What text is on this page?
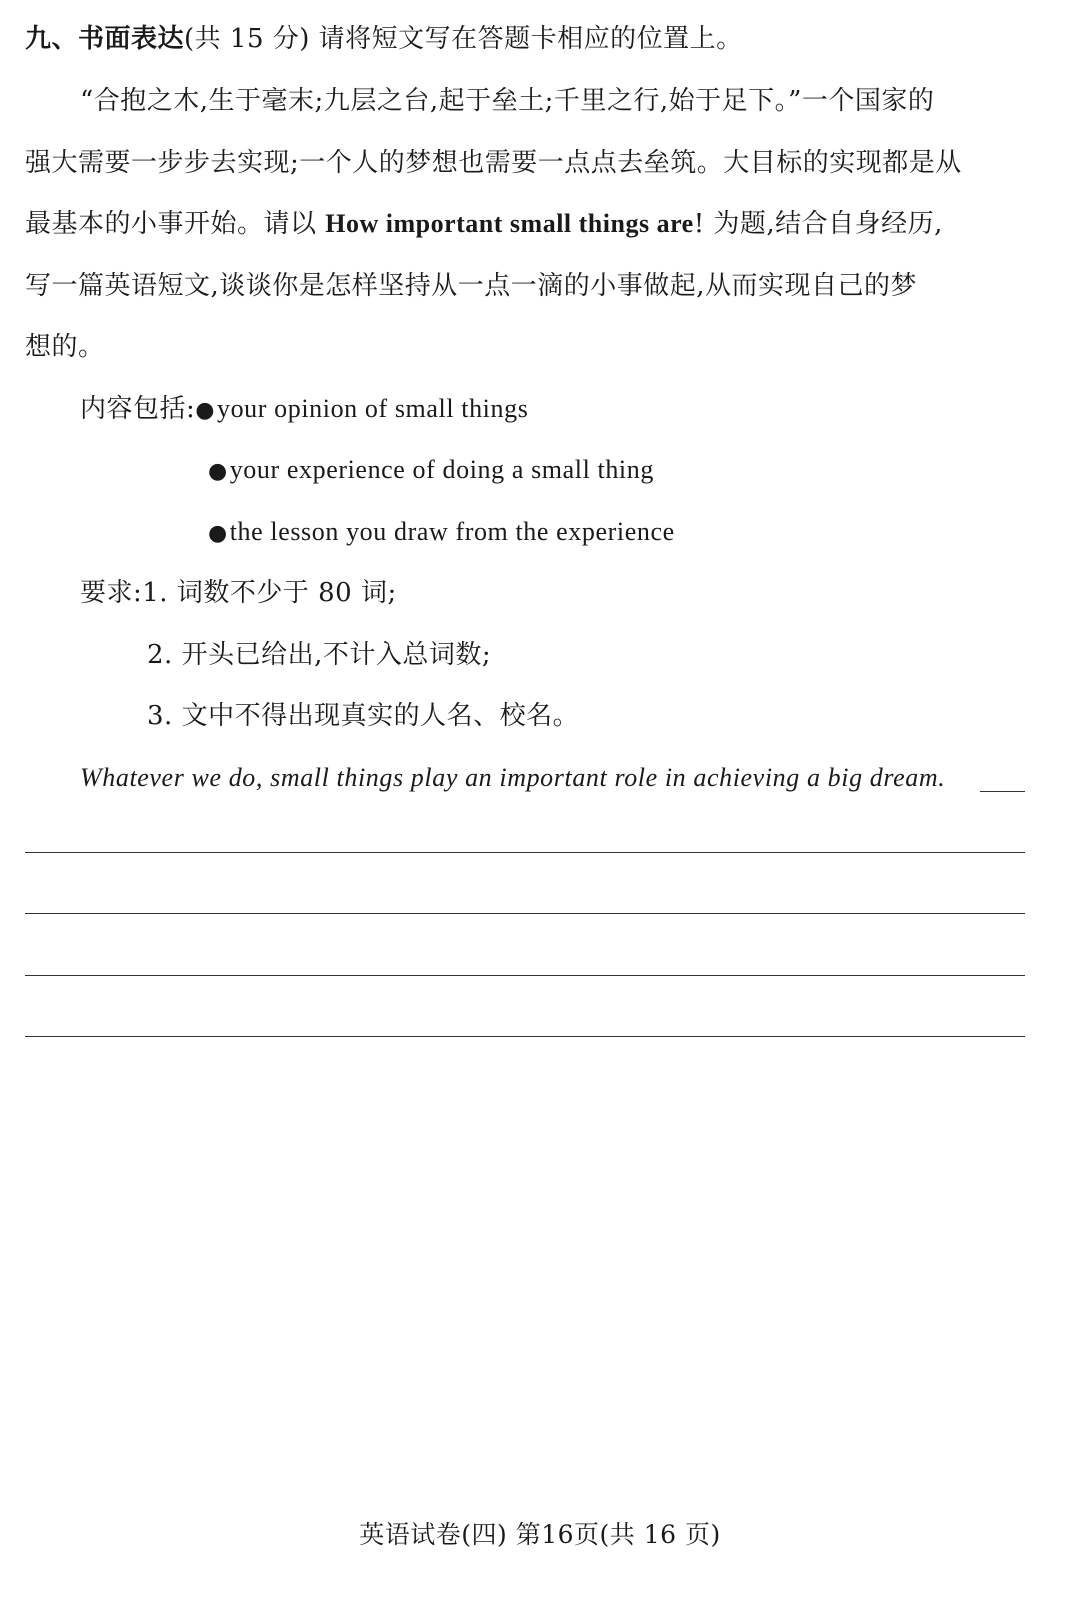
九、书面表达(共 15 分) 请将短文写在答题卡相应的位置上。
“合抱之木,生于毫末;九层之台,起于垒土;千里之行,始于足下。”一个国家的
强大需要一步步去实现;一个人的梦想也需要一点点去垒筑。大目标的实现都是从
最基本的小事开始。请以 How important small things are! 为题,结合自身经历,
写一篇英语短文,谈谈你是怎样坚持从一点一滴的小事做起,从而实现自己的梦
想的。
内容包括:●your opinion of small things
●your experience of doing a small thing
●the lesson you draw from the experience
要求:1. 词数不少于 80 词;
2. 开头已给出,不计入总词数;
3. 文中不得出现真实的人名、校名。
Whatever we do, small things play an important role in achieving a big dream.
英语试卷(四) 第16页(共 16 页)
